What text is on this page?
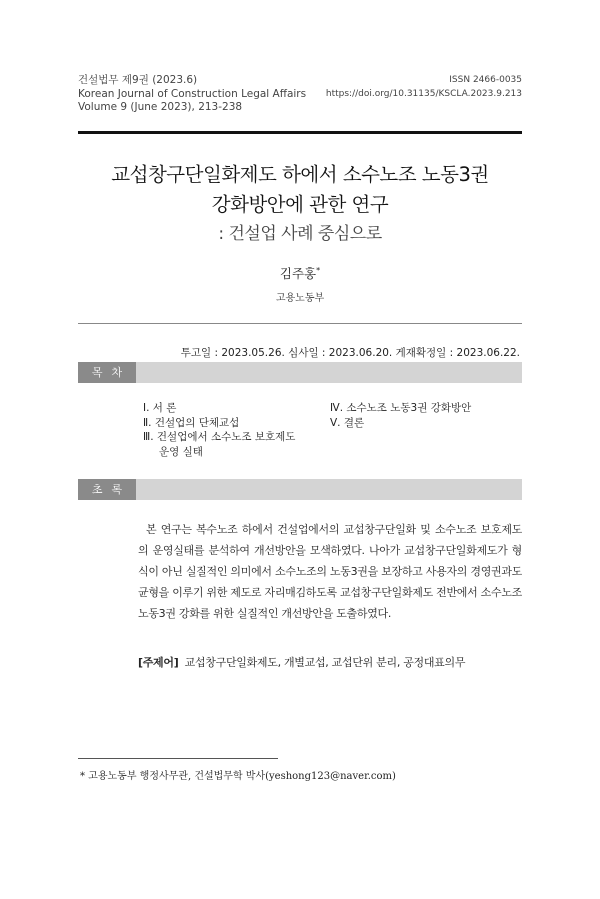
건설법무 제9권 (2023.6)
Korean Journal of Construction Legal Affairs
Volume 9 (June 2023), 213-238
ISSN 2466-0035
https://doi.org/10.31135/KSCLA.2023.9.213
교섭창구단일화제도 하에서 소수노조 노동3권
강화방안에 관한 연구
: 건설업 사례 중심으로
김주홍*
고용노동부
투고일 : 2023.05.26. 심사일 : 2023.06.20. 게재확정일 : 2023.06.22.
목차
Ⅰ. 서 론
Ⅱ. 건설업의 단체교섭
Ⅲ. 건설업에서 소수노조 보호제도
운영 실태
Ⅳ. 소수노조 노동3권 강화방안
Ⅴ. 결론
초록
본 연구는 복수노조 하에서 건설업에서의 교섭창구단일화 및 소수노조 보호제도의 운영실태를 분석하여 개선방안을 모색하였다. 나아가 교섭창구단일화제도가 형식이 아닌 실질적인 의미에서 소수노조의 노동3권을 보장하고 사용자의 경영권과도 균형을 이루기 위한 제도로 자리매김하도록 교섭창구단일화제도 전반에서 소수노조 노동3권 강화를 위한 실질적인 개선방안을 도출하였다.
[주제어] 교섭창구단일화제도, 개별교섭, 교섭단위 분리, 공정대표의무
* 고용노동부 행정사무관, 건설법무학 박사(yeshong123@naver.com)
